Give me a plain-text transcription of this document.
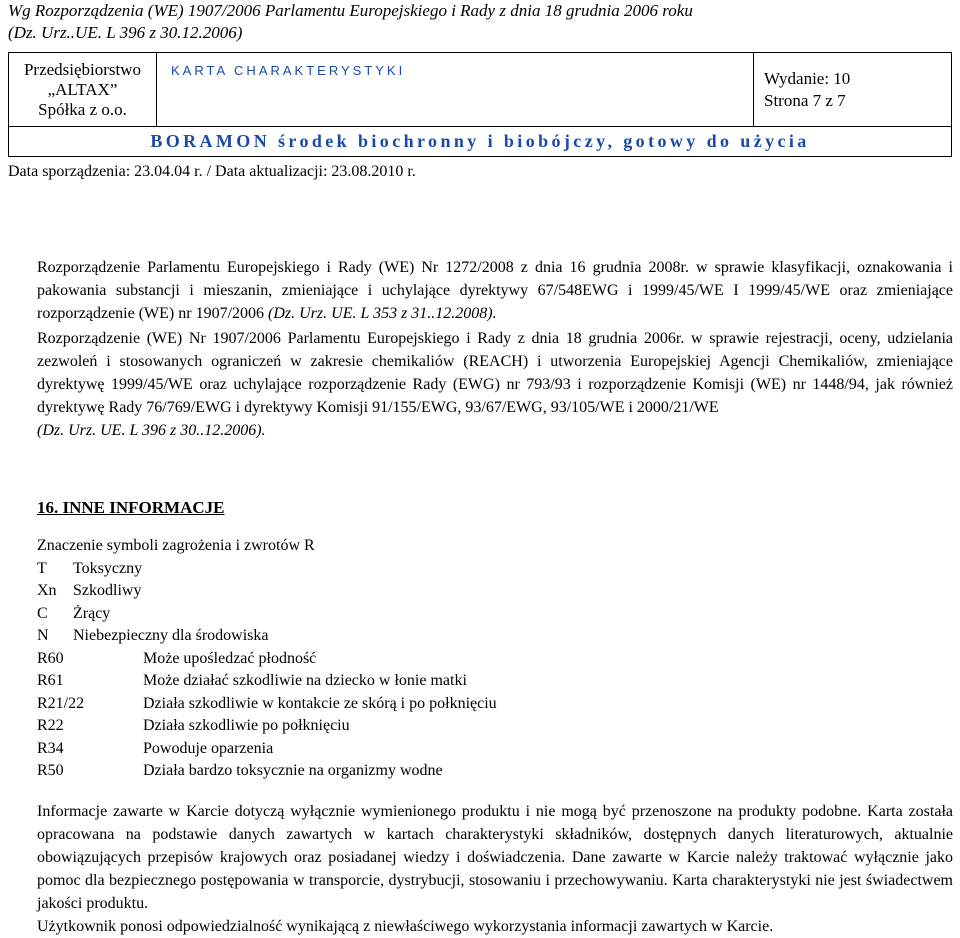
Wg Rozporządzenia (WE) 1907/2006 Parlamentu Europejskiego i Rady z dnia 18 grudnia 2006 roku
(Dz. Urz..UE. L 396 z 30.12.2006)
Przedsiębiorstwo
„ALTAX”
Spółka z o.o.
	KARTA CHARAKTERYSTYKI	Wydanie: 10
Strona 7 z 7

BORAMON środek biochronny i biobójczy, gotowy do użycia
Data sporządzenia: 23.04.04 r. / Data aktualizacji: 23.08.2010 r.
Rozporządzenie Parlamentu Europejskiego i Rady (WE) Nr 1272/2008 z dnia 16 grudnia 2008r. w sprawie klasyfikacji, oznakowania i pakowania substancji i mieszanin, zmieniające i uchylające dyrektywy 67/548EWG i 1999/45/WE I 1999/45/WE oraz zmieniające rozporządzenie (WE) nr 1907/2006 (Dz. Urz. UE. L 353 z 31..12.2008).
Rozporządzenie (WE) Nr 1907/2006 Parlamentu Europejskiego i Rady z dnia 18 grudnia 2006r. w sprawie rejestracji, oceny, udzielania zezwoleń i stosowanych ograniczeń w zakresie chemikaliów (REACH) i utworzenia Europejskiej Agencji Chemikaliów, zmieniające dyrektywę 1999/45/WE oraz uchylające rozporządzenie Rady (EWG) nr 793/93 i rozporządzenie Komisji (WE) nr 1448/94, jak również dyrektywę Rady 76/769/EWG i dyrektywy Komisji 91/155/EWG, 93/67/EWG, 93/105/WE i 2000/21/WE
(Dz. Urz. UE. L 396 z 30..12.2006).
16. INNE INFORMACJE
Znaczenie symboli zagrożenia i zwrotów R
T	Toksyczny
Xn	Szkodliwy
C	Żrący
N	Niebezpieczny dla środowiska
R60	Może upośledzać płodność
R61	Może działać szkodliwie na dziecko w łonie matki
R21/22	Działa szkodliwie w kontakcie ze skórą i po połknięciu
R22	Działa szkodliwie po połknięciu
R34	Powoduje oparzenia
R50	Działa bardzo toksycznie na organizmy wodne

Informacje zawarte w Karcie dotyczą wyłącznie wymienionego produktu i nie mogą być przenoszone na produkty podobne. Karta została opracowana na podstawie danych zawartych w kartach charakterystyki składników, dostępnych danych literaturowych, aktualnie obowiązujących przepisów krajowych oraz posiadanej wiedzy i doświadczenia. Dane zawarte w Karcie należy traktować wyłącznie jako pomoc dla bezpiecznego postępowania w transporcie, dystrybucji, stosowaniu i przechowywaniu. Karta charakterystyki nie jest świadectwem jakości produktu.

Użytkownik ponosi odpowiedzialność wynikającą z niewłaściwego wykorzystania informacji zawartych w Karcie.
